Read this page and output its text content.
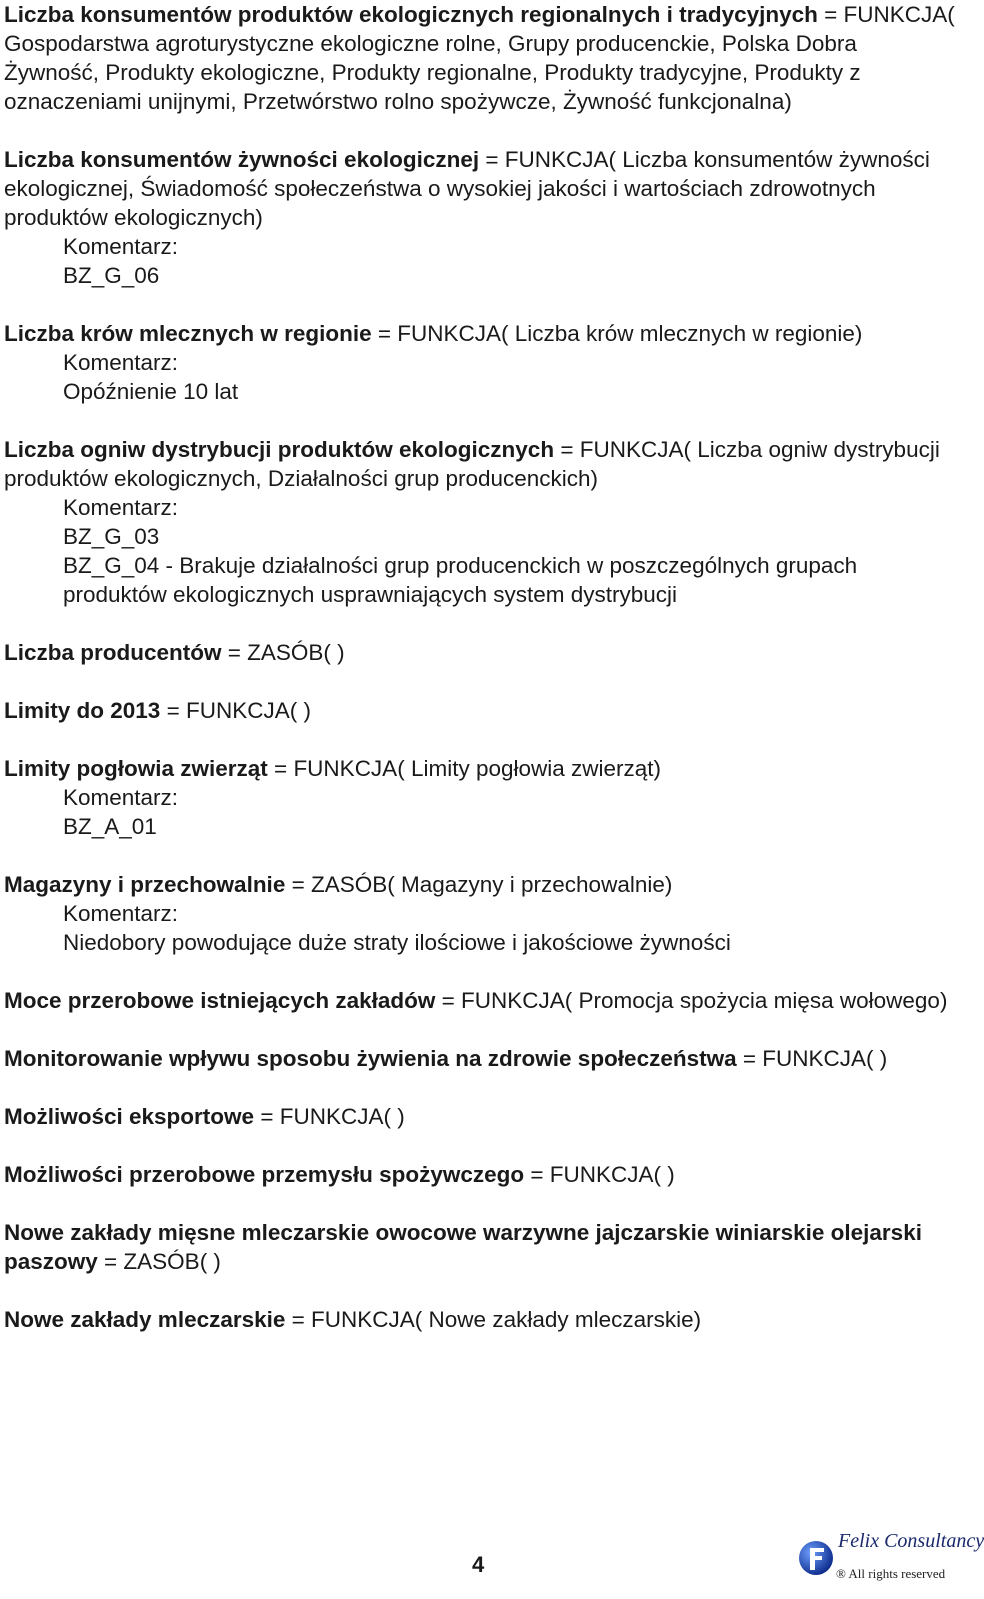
Liczba konsumentów produktów ekologicznych regionalnych i tradycyjnych = FUNKCJA( Gospodarstwa agroturystyczne ekologiczne rolne, Grupy producenckie, Polska Dobra Żywność, Produkty ekologiczne, Produkty regionalne, Produkty tradycyjne, Produkty z oznaczeniami unijnymi, Przetwórstwo rolno spożywcze, Żywność funkcjonalna)

Liczba konsumentów żywności ekologicznej = FUNKCJA( Liczba konsumentów żywności ekologicznej, Świadomość społeczeństwa o wysokiej jakości i wartościach zdrowotnych produktów ekologicznych)

Komentarz:
BZ_G_06

Liczba krów mlecznych w regionie = FUNKCJA( Liczba krów mlecznych w regionie)

Komentarz:
Opóźnienie 10 lat

Liczba ogniw dystrybucji produktów ekologicznych = FUNKCJA( Liczba ogniw dystrybucji produktów ekologicznych, Działalności grup producenckich)

Komentarz:
BZ_G_03
BZ_G_04 - Brakuje działalności grup producenckich w poszczególnych grupach produktów ekologicznych usprawniających system dystrybucji

Liczba producentów = ZASÓB( )

Limity do 2013 = FUNKCJA( )

Limity pogłowia zwierząt = FUNKCJA( Limity pogłowia zwierząt)

Komentarz:
BZ_A_01

Magazyny i przechowalnie = ZASÓB( Magazyny i przechowalnie)

Komentarz:
Niedobory powodujące duże straty ilościowe i jakościowe żywności

Moce przerobowe istniejących zakładów = FUNKCJA( Promocja spożycia mięsa wołowego)

Monitorowanie wpływu sposobu żywienia na zdrowie społeczeństwa = FUNKCJA( )

Możliwości eksportowe = FUNKCJA( )

Możliwości przerobowe przemysłu spożywczego = FUNKCJA( )

Nowe zakłady mięsne mleczarskie owocowe warzywne jajczarskie winiarskie olejarski paszowy = ZASÓB( )

Nowe zakłady mleczarskie = FUNKCJA( Nowe zakłady mleczarskie)

4
Felix Consultancy
® All rights reserved
